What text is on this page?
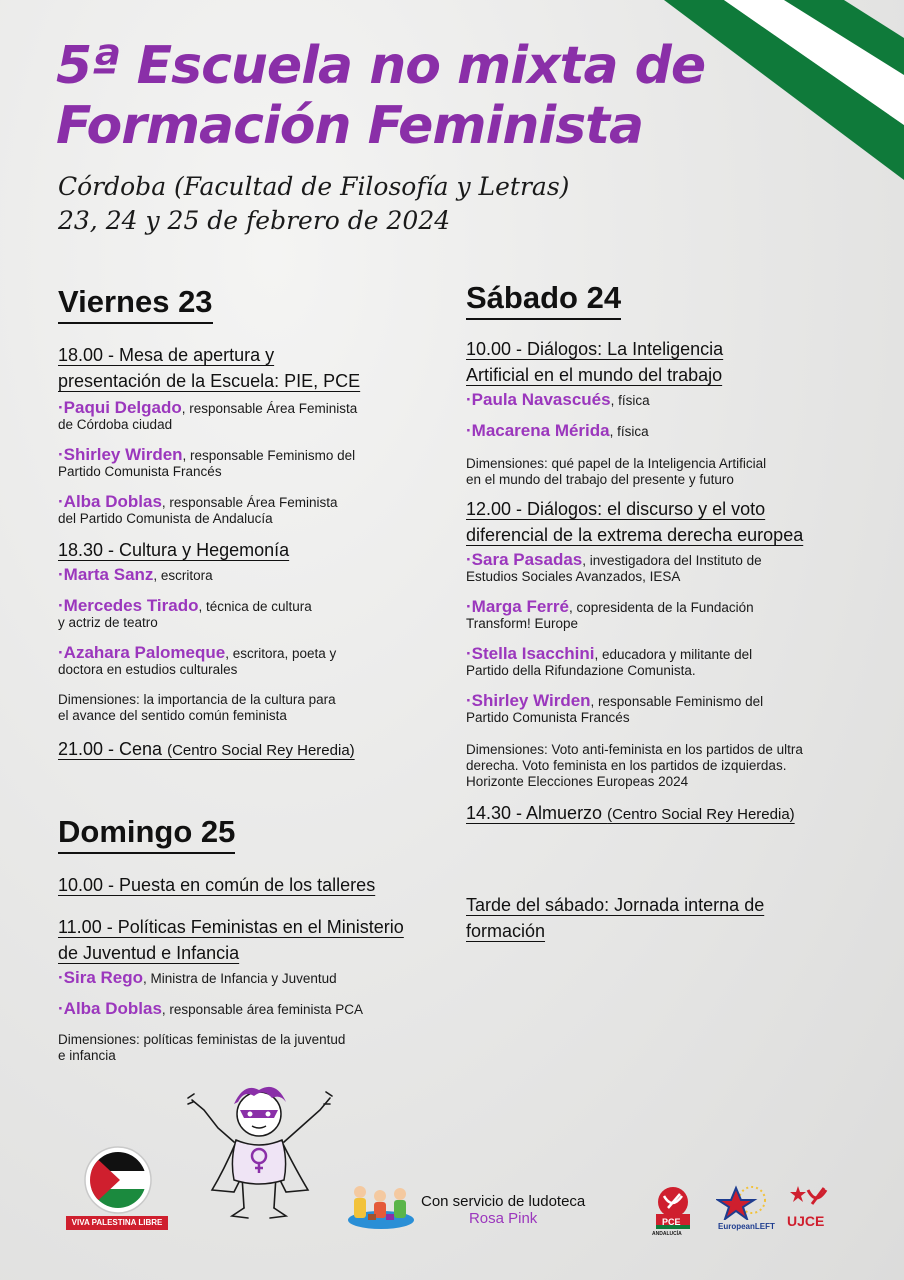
5ª Escuela no mixta de
Formación Feminista

Córdoba (Facultad de Filosofía y Letras)
23, 24 y 25 de febrero de 2024

Viernes 23

18.00 - Mesa de apertura y
presentación de la Escuela: PIE, PCE

·Paqui Delgado, responsable Área Feminista
de Córdoba ciudad

·Shirley Wirden, responsable Feminismo del
Partido Comunista Francés

·Alba Doblas, responsable Área Feminista
del Partido Comunista de Andalucía

18.30 - Cultura y Hegemonía

·Marta Sanz, escritora

·Mercedes Tirado, técnica de cultura
y actriz de teatro

·Azahara Palomeque, escritora, poeta y
doctora en estudios culturales

Dimensiones: la importancia de la cultura para
el avance del sentido común feminista

21.00 - Cena (Centro Social Rey Heredia)

Domingo 25

10.00 - Puesta en común de los talleres

11.00 - Políticas Feministas en el Ministerio
de Juventud e Infancia

·Sira Rego, Ministra de Infancia y Juventud

·Alba Doblas, responsable área feminista PCA

Dimensiones: políticas feministas de la juventud
e infancia

Sábado 24

10.00 - Diálogos: La Inteligencia
Artificial en el mundo del trabajo

·Paula Navascués, física

·Macarena Mérida, física

Dimensiones: qué papel de la Inteligencia Artificial
en el mundo del trabajo del presente y futuro

12.00 - Diálogos: el discurso y el voto
diferencial de la extrema derecha europea

·Sara Pasadas, investigadora del Instituto de
Estudios Sociales Avanzados, IESA

·Marga Ferré, copresidenta de la Fundación
Transform! Europe

·Stella Isacchini, educadora y militante del
Partido della Rifundazione Comunista.

·Shirley Wirden, responsable Feminismo del
Partido Comunista Francés

Dimensiones: Voto anti-feminista en los partidos de ultra
derecha. Voto feminista en los partidos de izquierdas.
Horizonte Elecciones Europeas 2024

14.30 - Almuerzo (Centro Social Rey Heredia)

Tarde del sábado: Jornada interna de
formación

VIVA PALESTINA LIBRE
Con servicio de ludoteca
Rosa Pink	PCE
ANDALUCÍA
EuropeanLEFT UJCE
